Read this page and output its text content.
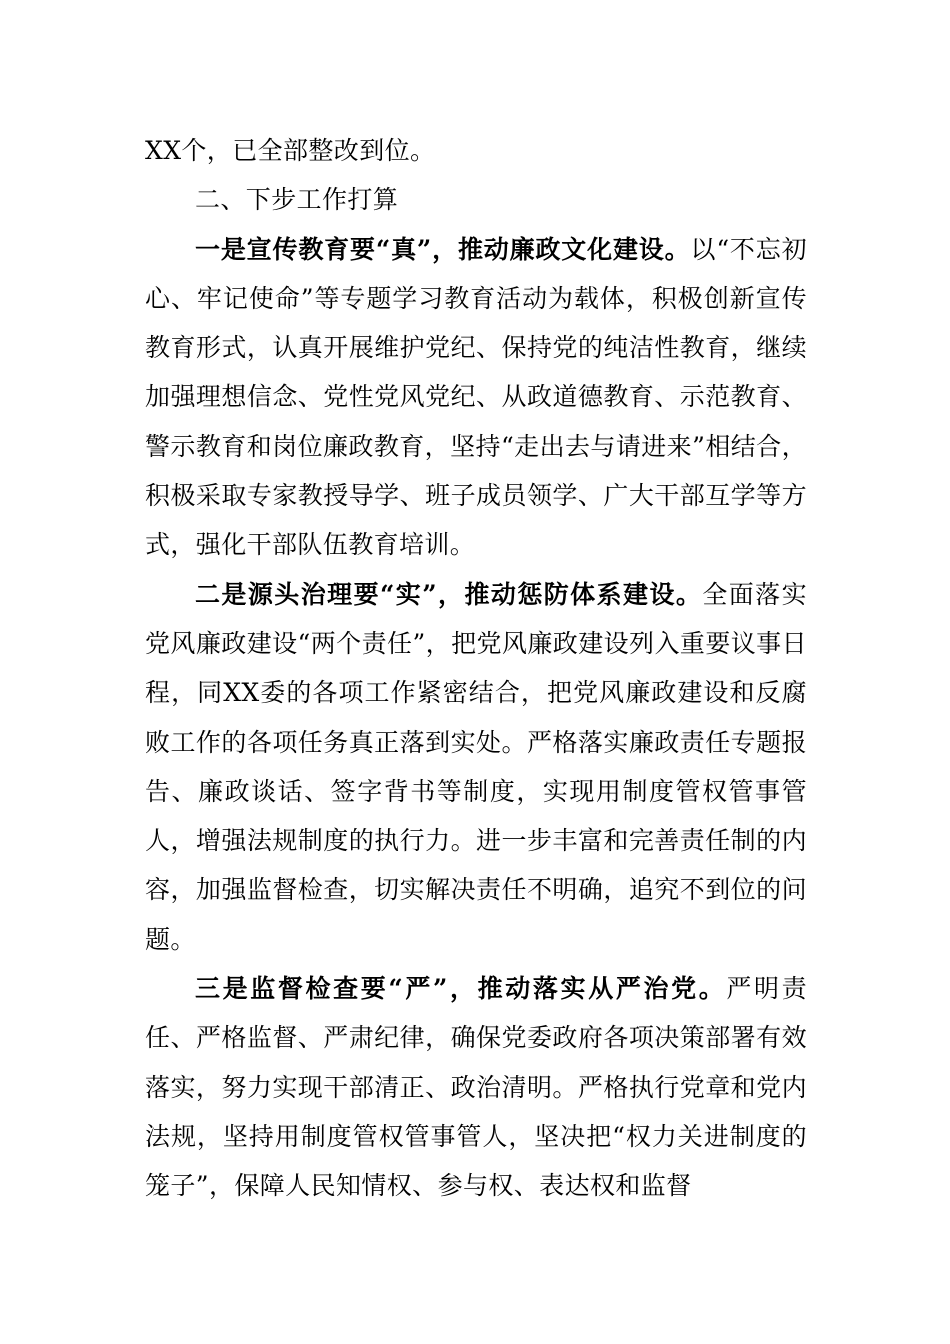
XX个，已全部整改到位。

二、下步工作打算

一是宣传教育要“真”，推动廉政文化建设。以“不忘初心、牢记使命”等专题学习教育活动为载体，积极创新宣传教育形式，认真开展维护党纪、保持党的纯洁性教育，继续加强理想信念、党性党风党纪、从政道德教育、示范教育、警示教育和岗位廉政教育，坚持“走出去与请进来”相结合，积极采取专家教授导学、班子成员领学、广大干部互学等方式，强化干部队伍教育培训。

二是源头治理要“实”，推动惩防体系建设。全面落实党风廉政建设“两个责任”，把党风廉政建设列入重要议事日程，同XX委的各项工作紧密结合，把党风廉政建设和反腐败工作的各项任务真正落到实处。严格落实廉政责任专题报告、廉政谈话、签字背书等制度，实现用制度管权管事管人，增强法规制度的执行力。进一步丰富和完善责任制的内容，加强监督检查，切实解决责任不明确，追究不到位的问题。

三是监督检查要“严”，推动落实从严治党。严明责任、严格监督、严肃纪律，确保党委政府各项决策部署有效落实，努力实现干部清正、政治清明。严格执行党章和党内法规，坚持用制度管权管事管人，坚决把“权力关进制度的笼子”，保障人民知情权、参与权、表达权和监督
